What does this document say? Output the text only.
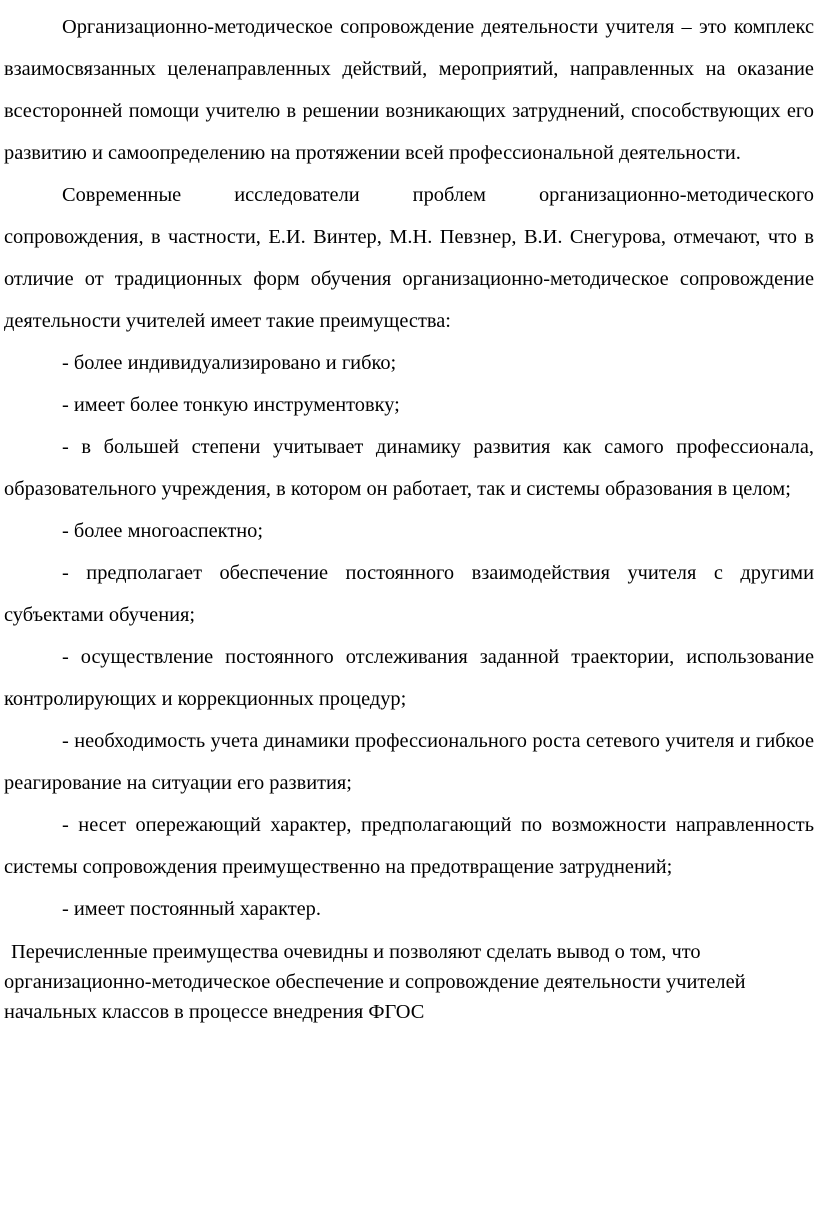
Организационно-методическое сопровождение деятельности учителя – это комплекс взаимосвязанных целенаправленных действий, мероприятий, направленных на оказание всесторонней помощи учителю в решении возникающих затруднений, способствующих его развитию и самоопределению на протяжении всей профессиональной деятельности.

Современные исследователи проблем организационно-методического сопровождения, в частности, Е.И. Винтер, М.Н. Певзнер, В.И. Снегурова, отмечают, что в отличие от традиционных форм обучения организационно-методическое сопровождение деятельности учителей имеет такие преимущества:

- более индивидуализировано и гибко;

- имеет более тонкую инструментовку;

- в большей степени учитывает динамику развития как самого профессионала, образовательного учреждения, в котором он работает, так и системы образования в целом;

- более многоаспектно;

- предполагает обеспечение постоянного взаимодействия учителя с другими субъектами обучения;

- осуществление постоянного отслеживания заданной траектории, использование контролирующих и коррекционных процедур;

- необходимость учета динамики профессионального роста сетевого учителя и гибкое реагирование на ситуации его развития;

- несет опережающий характер, предполагающий по возможности направленность системы сопровождения преимущественно на предотвращение затруднений;

- имеет постоянный характер.

Перечисленные преимущества очевидны и позволяют сделать вывод о том, что организационно-методическое обеспечение и сопровождение деятельности учителей начальных классов в процессе внедрения ФГОС
